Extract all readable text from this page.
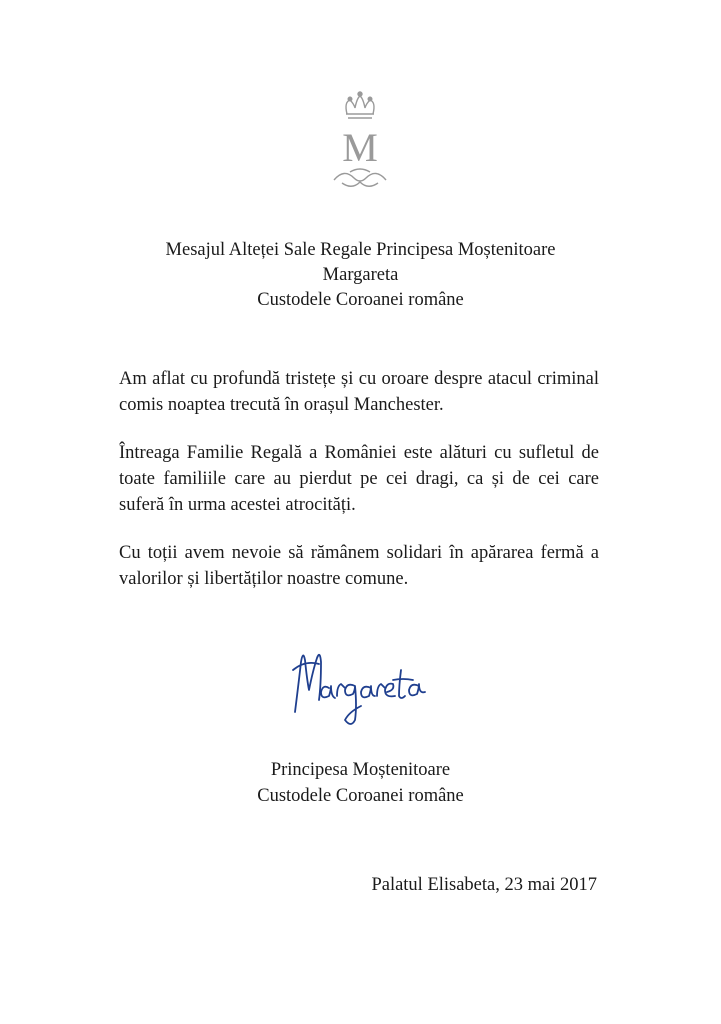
M
Mesajul Alteței Sale Regale Principesa Moștenitoare
Margareta
Custodele Coroanei române
Am aflat cu profundă tristețe și cu oroare despre atacul criminal comis noaptea trecută în orașul Manchester.
Întreaga Familie Regală a României este alături cu sufletul de toate familiile care au pierdut pe cei dragi, ca și de cei care suferă în urma acestei atrocități.
Cu toții avem nevoie să rămânem solidari în apărarea fermă a valorilor și libertăților noastre comune.
Principesa Moștenitoare
Custodele Coroanei române
Palatul Elisabeta, 23 mai 2017
